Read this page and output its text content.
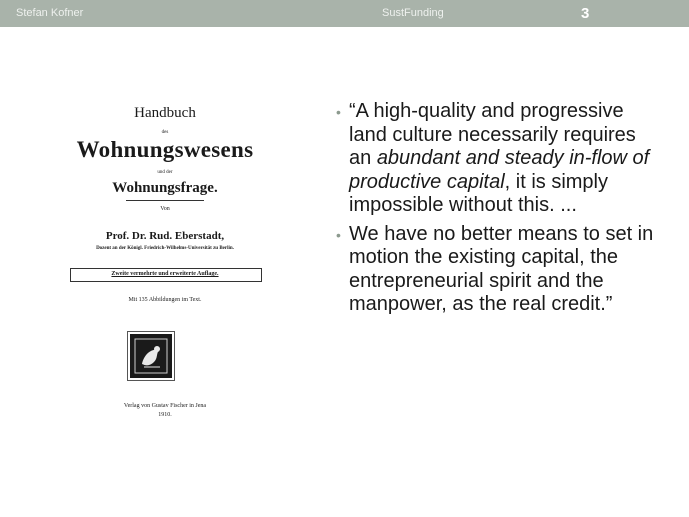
Stefan Kofner	SustFunding	3
Handbuch
des
Wohnungswesens
und der
Wohnungsfrage.
Von
Prof. Dr. Rud. Eberstadt,
Dozent an der Königl. Friedrich-Wilhelms-Universität zu Berlin.
Zweite vermehrte und erweiterte Auflage.
Mit 135 Abbildungen im Text.
Verlag von Gustav Fischer in Jena
1910.
• “A high-quality and progressive land culture necessarily requires an abundant and steady in-flow of productive capital, it is simply impossible without this. ...
• We have no better means to set in motion the existing capital, the entrepreneurial spirit and the manpower, as the real credit.”
